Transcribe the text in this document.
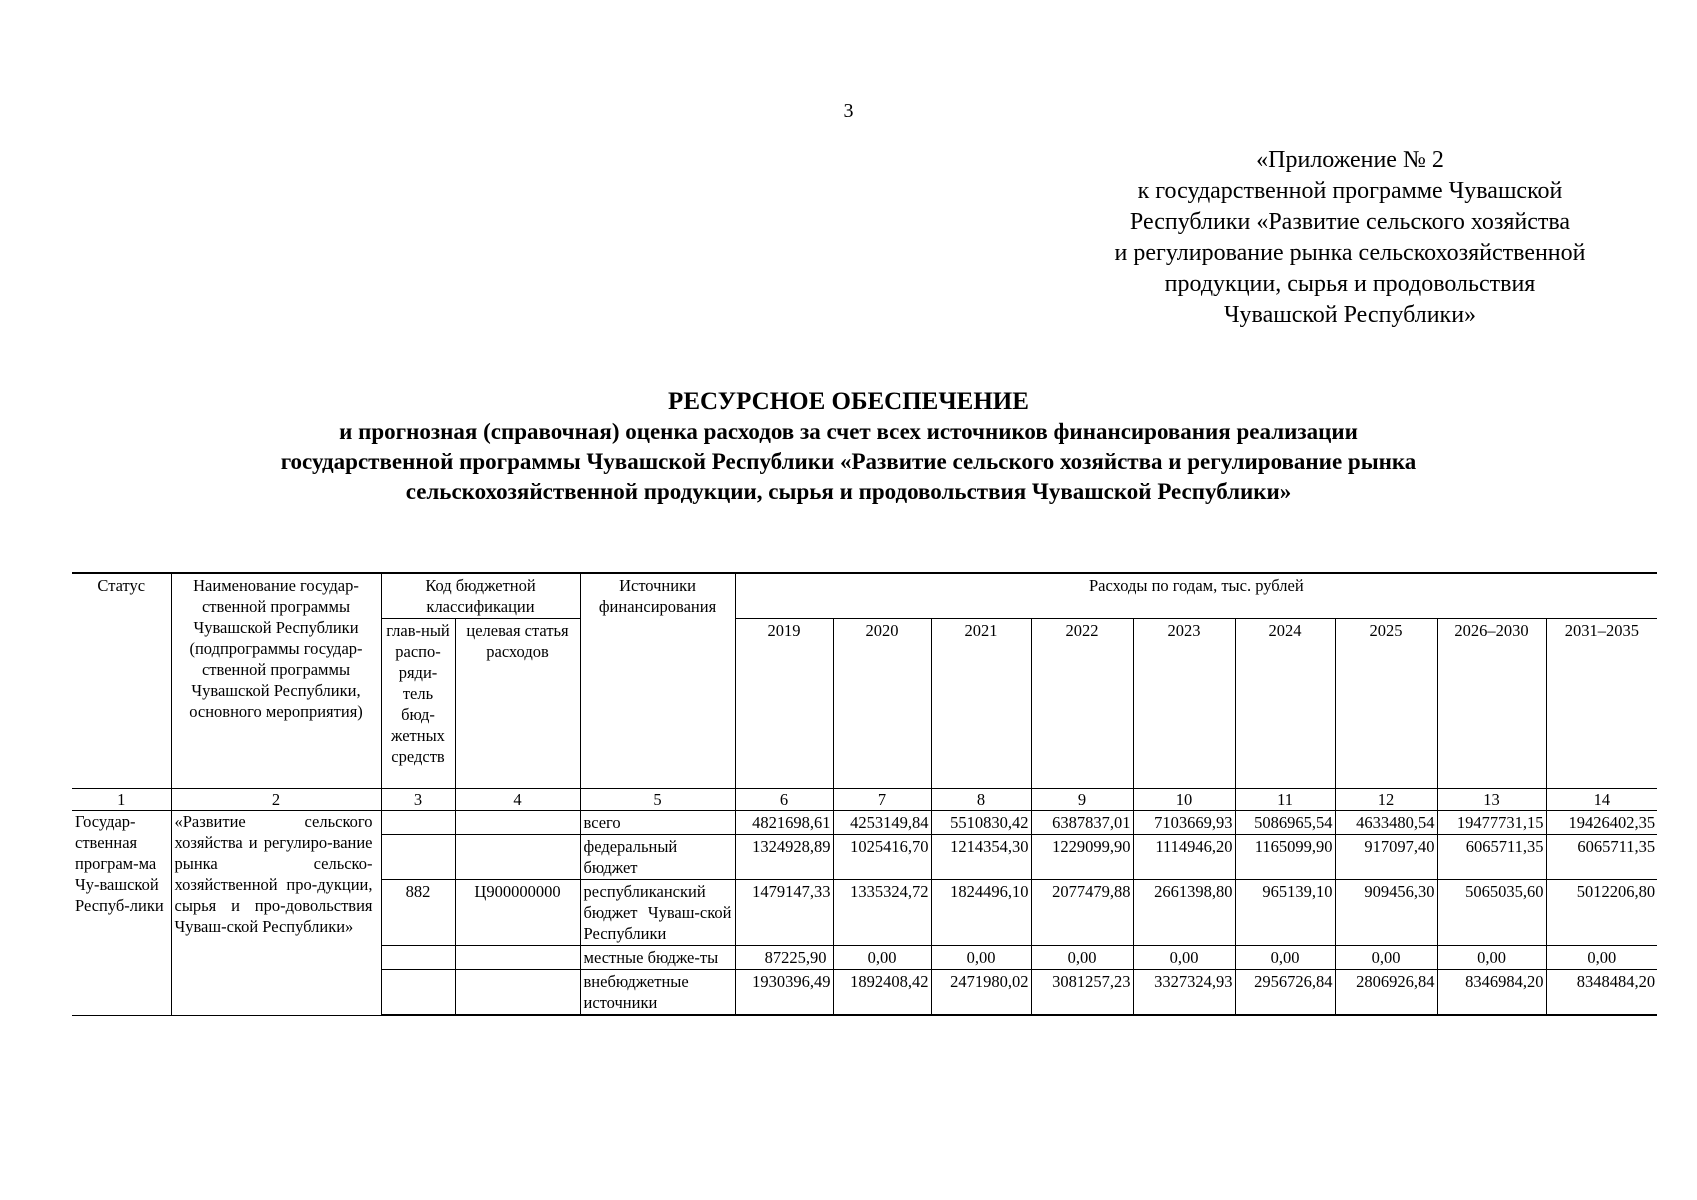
3
«Приложение № 2
к государственной программе Чувашской
Республики «Развитие сельского хозяйства
и регулирование рынка сельскохозяйственной
продукции, сырья и продовольствия
Чувашской Республики»
РЕСУРСНОЕ ОБЕСПЕЧЕНИЕ
и прогнозная (справочная) оценка расходов за счет всех источников финансирования реализации
государственной программы Чувашской Республики «Развитие сельского хозяйства и регулирование рынка
сельскохозяйственной продукции, сырья и продовольствия Чувашской Республики»
Статус	Наименование государ-ственной программы Чувашской Республики (подпрограммы государ-ственной программы Чувашской Республики, основного мероприятия)	Код бюджетной классификации		Источники финансирования	Расходы по годам, тыс. рублей								
		глав-ный распо-ряди-тель бюд-жетных средств	целевая статья расходов		2019	2020	2021	2022	2023	2024	2025	2026–2030	2031–2035
1	2	3	4	5	6	7	8	9	10	11	12	13	14
Государ-ственная програм-ма Чу-вашской Респуб-лики	«Развитие сельского хозяйства и регулиро-вание рынка сельско-хозяйственной про-дукции, сырья и про-довольствия Чуваш-ской Республики»			всего	4821698,61	4253149,84	5510830,42	6387837,01	7103669,93	5086965,54	4633480,54	19477731,15	19426402,35
				федеральный бюджет	1324928,89	1025416,70	1214354,30	1229099,90	1114946,20	1165099,90	917097,40	6065711,35	6065711,35
		882	Ц900000000	республиканский бюджет Чуваш-ской Республики	1479147,33	1335324,72	1824496,10	2077479,88	2661398,80	965139,10	909456,30	5065035,60	5012206,80
				местные бюдже-ты	87225,90	0,00	0,00	0,00	0,00	0,00	0,00	0,00	0,00
				внебюджетные источники	1930396,49	1892408,42	2471980,02	3081257,23	3327324,93	2956726,84	2806926,84	8346984,20	8348484,20
